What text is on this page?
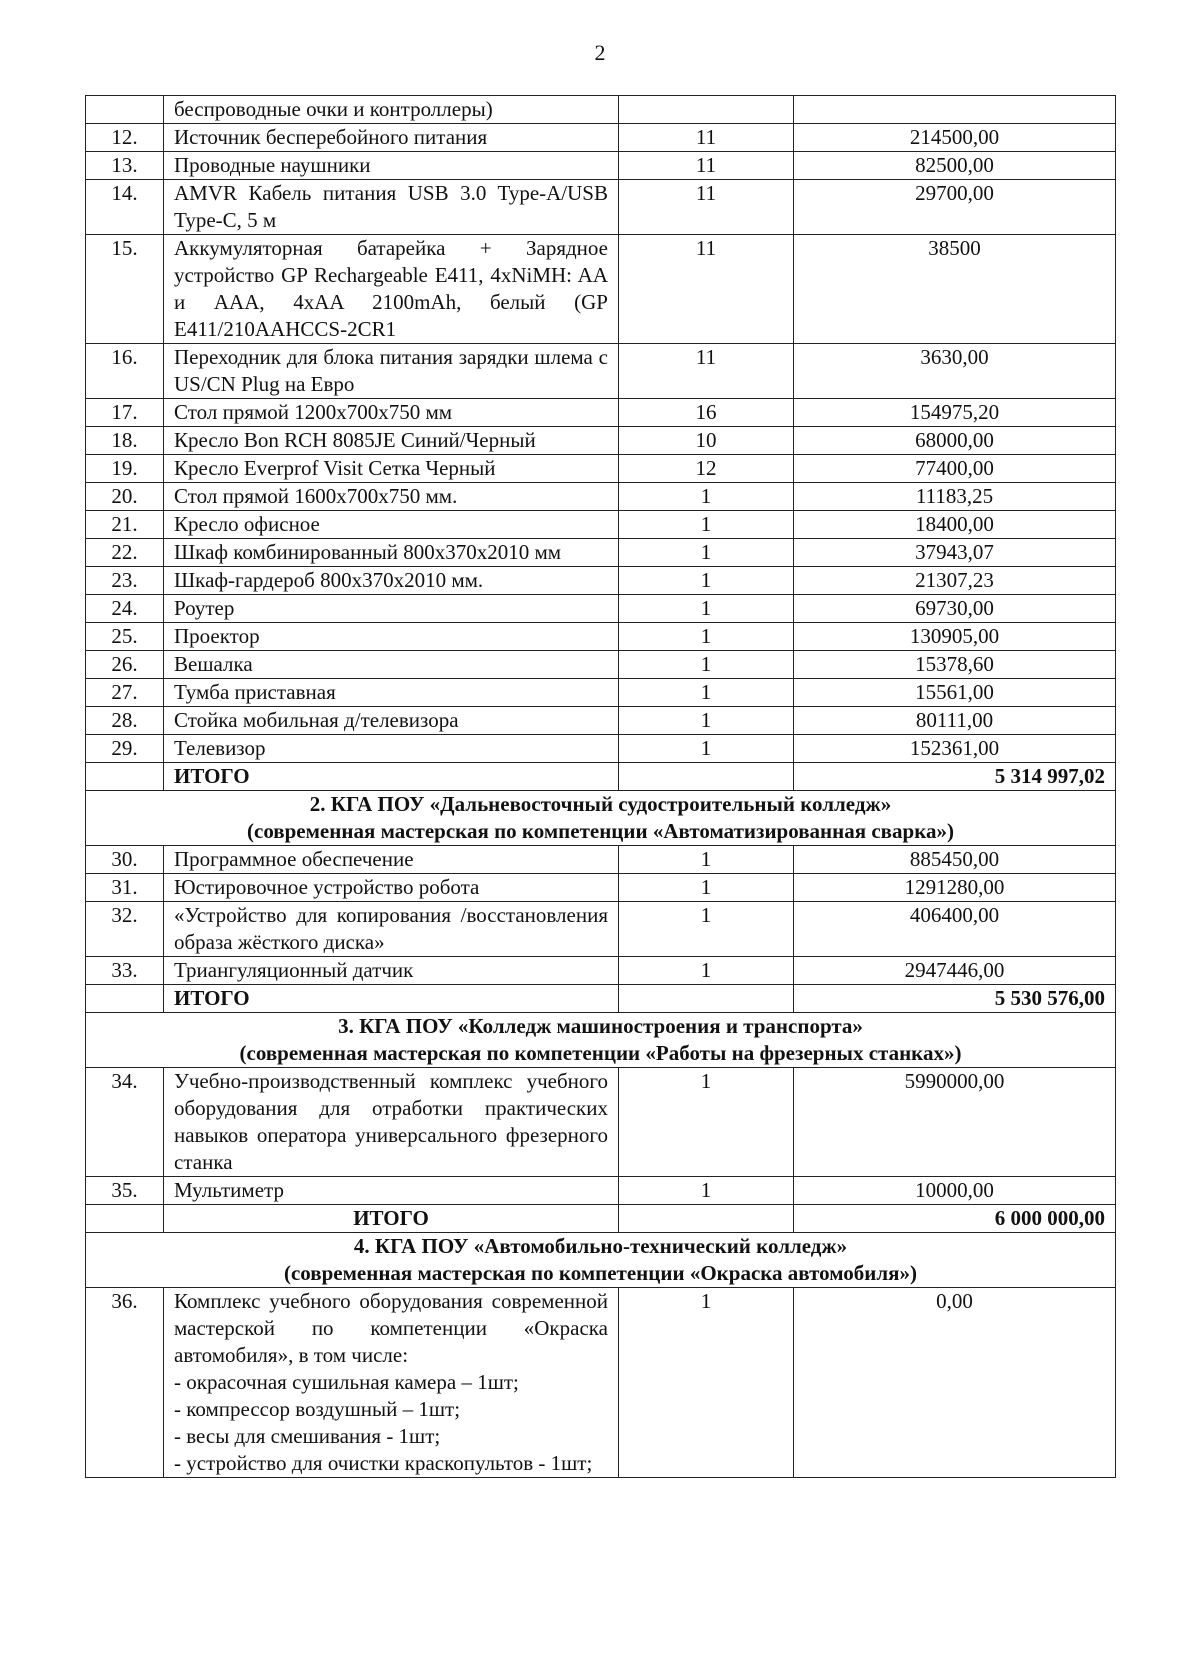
2
	беспроводные очки и контроллеры)		
12.	Источник бесперебойного питания	11	214500,00
13.	Проводные наушники	11	82500,00
14.	AMVR Кабель питания USB 3.0 Type-A/USB Type-C, 5 м	11	29700,00
15.	Аккумуляторная батарейка + Зарядное устройство GP Rechargeable E411, 4xNiMH: AA и AAA, 4xAA 2100mAh, белый (GP E411/210AAHCCS-2CR1	11	38500
16.	Переходник для блока питания зарядки шлема с US/CN Plug на Евро	11	3630,00
17.	Стол прямой 1200x700x750 мм	16	154975,20
18.	Кресло Bon RCH 8085JE Синий/Черный	10	68000,00
19.	Кресло Everprof Visit Сетка Черный	12	77400,00
20.	Стол прямой 1600x700x750 мм.	1	11183,25
21.	Кресло офисное	1	18400,00
22.	Шкаф комбинированный 800x370x2010 мм	1	37943,07
23.	Шкаф-гардероб 800x370x2010 мм.	1	21307,23
24.	Роутер	1	69730,00
25.	Проектор	1	130905,00
26.	Вешалка	1	15378,60
27.	Тумба приставная	1	15561,00
28.	Стойка мобильная д/телевизора	1	80111,00
29.	Телевизор	1	152361,00
	ИТОГО		5 314 997,02

2. КГА ПОУ «Дальневосточный судостроительный колледж»
(современная мастерская по компетенции «Автоматизированная сварка»)			

30.	Программное обеспечение	1	885450,00
31.	Юстировочное устройство робота	1	1291280,00
32.	«Устройство для копирования /восстановления образа жёсткого диска»	1	406400,00
33.	Триангуляционный датчик	1	2947446,00
	ИТОГО		5 530 576,00

3. КГА ПОУ «Колледж машиностроения и транспорта»
(современная мастерская по компетенции «Работы на фрезерных станках»)			

34.	Учебно-производственный комплекс учебного оборудования для отработки практических навыков оператора универсального фрезерного станка	1	5990000,00
35.	Мультиметр	1	10000,00
	ИТОГО		6 000 000,00

4. КГА ПОУ «Автомобильно-технический колледж»
(современная мастерская по компетенции «Окраска автомобиля»)			

36.	Комплекс учебного оборудования современной мастерской по компетенции «Окраска автомобиля», в том числе:
- окрасочная сушильная камера – 1шт;
- компрессор воздушный – 1шт;
- весы для смешивания - 1шт;
- устройство для очистки краскопультов - 1шт;	1	0,00
